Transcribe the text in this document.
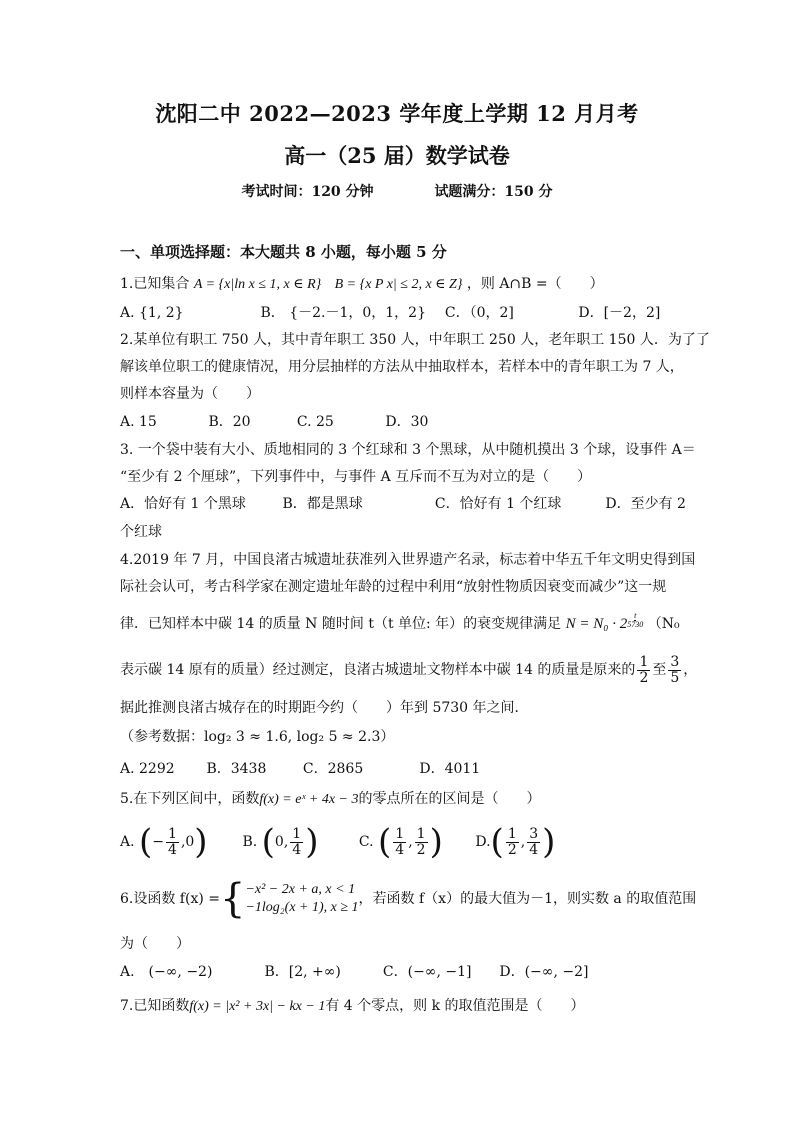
沈阳二中 2022—2023 学年度上学期 12 月月考
高一（25 届）数学试卷
考试时间：120 分钟	试题满分：150 分
一、单项选择题：本大题共 8 小题，每小题 5 分
1.已知集合 A = {x|ln x ≤ 1, x ∈ R} B = {x P x| ≤ 2, x ∈ Z} ，则 A∩B =（　　）
A. {1, 2}	B． {－2.－1，0，1，2} C．（0，2]	D．[－2，2]
2.某单位有职工 750 人，其中青年职工 350 人，中年职工 250 人，老年职工 150 人．为了了
解该单位职工的健康情况，用分层抽样的方法从中抽取样本，若样本中的青年职工为 7 人，
则样本容量为（　　）
A. 15	B．20	C. 25	D．30
3. 一个袋中装有大小、质地相同的 3 个红球和 3 个黑球，从中随机摸出 3 个球，设事件 A＝
“至少有 2 个厘球”，下列事件中，与事件 A 互斥而不互为对立的是（　　）
A．恰好有 1 个黑球	B．都是黑球	C．恰好有 1 个红球	D．至少有 2
个红球
4.2019 年 7 月，中国良渚古城遗址获准列入世界遗产名录，标志着中华五千年文明史得到国
际社会认可，考古科学家在测定遗址年龄的过程中利用“放射性物质因衰变而减少”这一规
律．已知样本中碳 14 的质量 N 随时间 t（t 单位: 年）的衰变规律满足 N = N₀ · 2 $^{\frac{t}{5730}}$ （N₀
表示碳 14 原有的质量）经过测定，良渚古城遗址文物样本中碳 14 的质量是原来的 $\frac{1}{2}$ 至 $\frac{3}{5}$ ，
据此推测良渚古城存在的时期距今约（　　）年到 5730 年之间．
（参考数据：log₂ 3 ≈ 1.6, log₂ 5 ≈ 2.3）
A. 2292 B．3438	C．2865	D．4011
5.在下列区间中，函数f(x) = eˣ + 4x − 3的零点所在的区间是（　　）
A. (− $\frac{1}{4} ,0$) B. (0, $\frac{1}{4}$ )	C. ( $\frac{1}{4}$ , $\frac{1}{2}$ ) $D.( \frac{1}{2}$ , $\frac{3}{4}$ )
6.设函数 f(x) ={ −x² − 2x + a, x < 1
−1log₂(x + 1), x ≥ 1
，若函数 f（x）的最大值为－1，则实数 a 的取值范围
为（　　）
A.　(−∞, −2)	B．[2, +∞)	C．(−∞, −1] D．(−∞, −2]
7.已知函数f(x) = |x² + 3x| − kx − 1有 4 个零点，则 k 的取值范围是（　　）
